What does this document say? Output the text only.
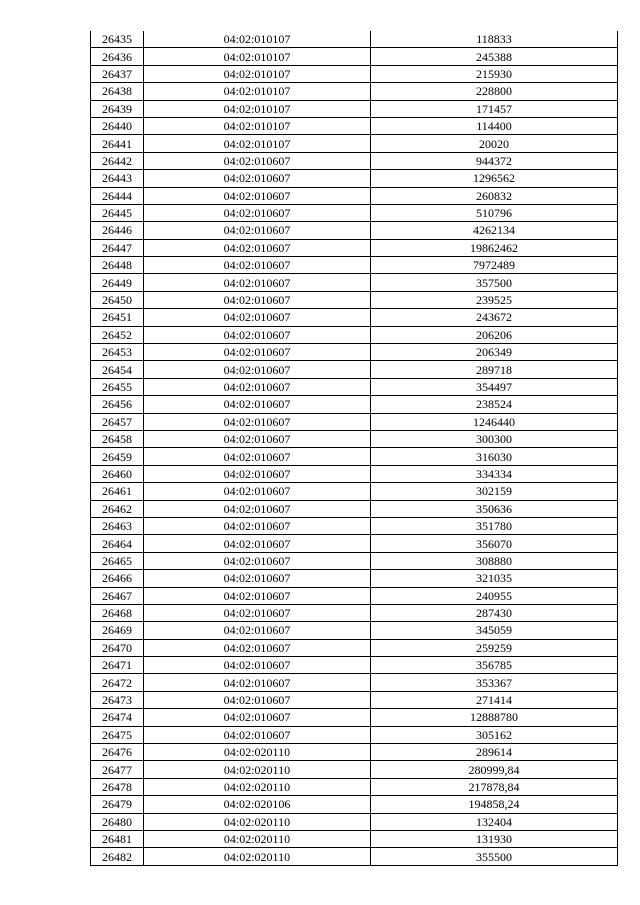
26435	04:02:010107	118833
26436	04:02:010107	245388
26437	04:02:010107	215930
26438	04:02:010107	228800
26439	04:02:010107	171457
26440	04:02:010107	114400
26441	04:02:010107	20020
26442	04:02:010607	944372
26443	04:02:010607	1296562
26444	04:02:010607	260832
26445	04:02:010607	510796
26446	04:02:010607	4262134
26447	04:02:010607	19862462
26448	04:02:010607	7972489
26449	04:02:010607	357500
26450	04:02:010607	239525
26451	04:02:010607	243672
26452	04:02:010607	206206
26453	04:02:010607	206349
26454	04:02:010607	289718
26455	04:02:010607	354497
26456	04:02:010607	238524
26457	04:02:010607	1246440
26458	04:02:010607	300300
26459	04:02:010607	316030
26460	04:02:010607	334334
26461	04:02:010607	302159
26462	04:02:010607	350636
26463	04:02:010607	351780
26464	04:02:010607	356070
26465	04:02:010607	308880
26466	04:02:010607	321035
26467	04:02:010607	240955
26468	04:02:010607	287430
26469	04:02:010607	345059
26470	04:02:010607	259259
26471	04:02:010607	356785
26472	04:02:010607	353367
26473	04:02:010607	271414
26474	04:02:010607	12888780
26475	04:02:010607	305162
26476	04:02:020110	289614
26477	04:02:020110	280999,84
26478	04:02:020110	217878,84
26479	04:02:020106	194858,24
26480	04:02:020110	132404
26481	04:02:020110	131930
26482	04:02:020110	355500
